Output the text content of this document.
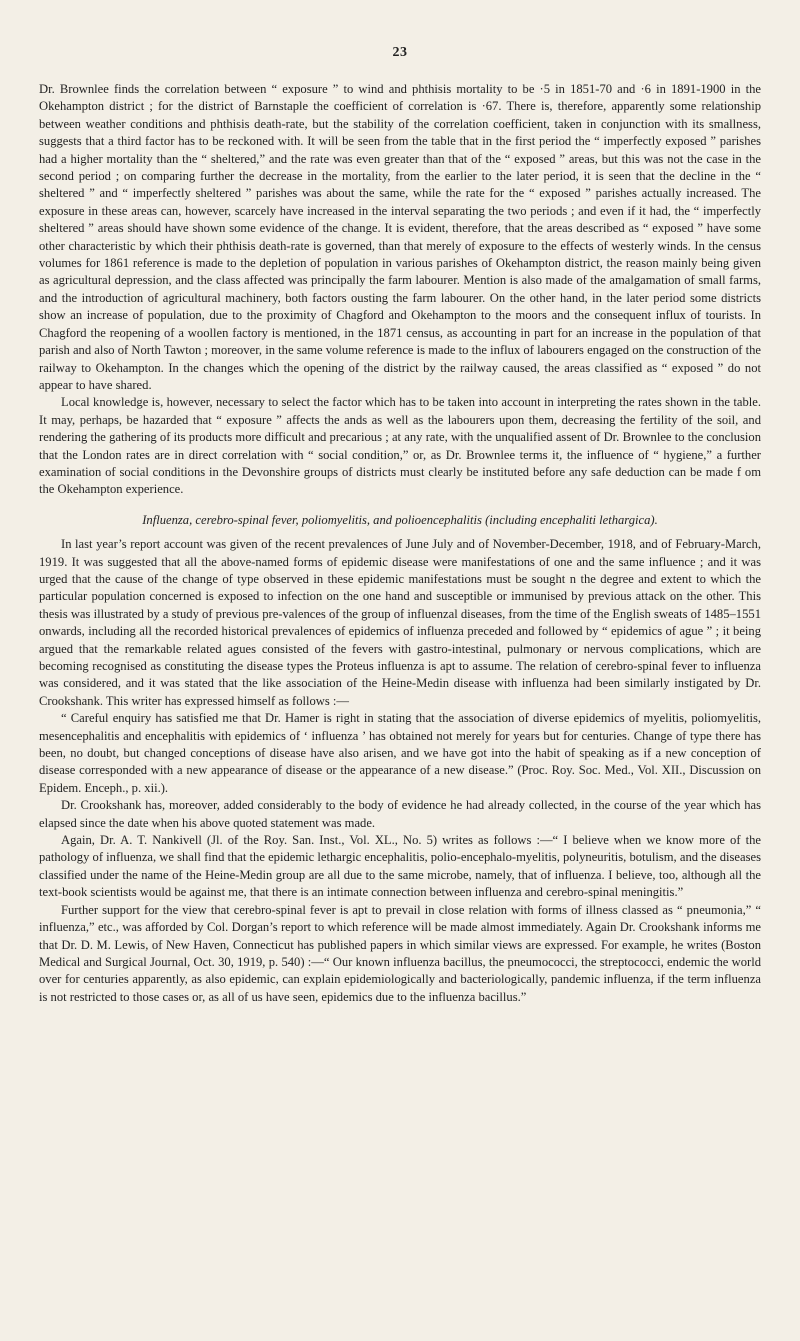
23

Dr. Brownlee finds the correlation between “ exposure ” to wind and phthisis mortality to be ·5 in 1851-70 and ·6 in 1891-1900 in the Okehampton district ; for the district of Barnstaple the coefficient of correlation is ·67. There is, therefore, apparently some relationship between weather conditions and phthisis death-rate, but the stability of the correlation coefficient, taken in conjunction with its smallness, suggests that a third factor has to be reckoned with. It will be seen from the table that in the first period the “ imperfectly exposed ” parishes had a higher mortality than the “ sheltered,” and the rate was even greater than that of the “ exposed ” areas, but this was not the case in the second period ; on comparing further the decrease in the mortality, from the earlier to the later period, it is seen that the decline in the “ sheltered ” and “ imperfectly sheltered ” parishes was about the same, while the rate for the “ exposed ” parishes actually increased. The exposure in these areas can, however, scarcely have increased in the interval separating the two periods ; and even if it had, the “ imperfectly sheltered ” areas should have shown some evidence of the change. It is evident, therefore, that the areas described as “ exposed ” have some other characteristic by which their phthisis death-rate is governed, than that merely of exposure to the effects of westerly winds. In the census volumes for 1861 reference is made to the depletion of population in various parishes of Okehampton district, the reason mainly being given as agricultural depression, and the class affected was principally the farm labourer. Mention is also made of the amalgamation of small farms, and the introduction of agricultural machinery, both factors ousting the farm labourer. On the other hand, in the later period some districts show an increase of population, due to the proximity of Chagford and Okehampton to the moors and the consequent influx of tourists. In Chagford the reopening of a woollen factory is mentioned, in the 1871 census, as accounting in part for an increase in the population of that parish and also of North Tawton ; moreover, in the same volume reference is made to the influx of labourers engaged on the construction of the railway to Okehampton. In the changes which the opening of the district by the railway caused, the areas classified as “ exposed ” do not appear to have shared.

Local knowledge is, however, necessary to select the factor which has to be taken into account in interpreting the rates shown in the table. It may, perhaps, be hazarded that “ exposure ” affects the ands as well as the labourers upon them, decreasing the fertility of the soil, and rendering the gathering of its products more difficult and precarious ; at any rate, with the unqualified assent of Dr. Brownlee to the conclusion that the London rates are in direct correlation with “ social condition,” or, as Dr. Brownlee terms it, the influence of “ hygiene,” a further examination of social conditions in the Devonshire groups of districts must clearly be instituted before any safe deduction can be made f om the Okehampton experience.

Influenza, cerebro-spinal fever, poliomyelitis, and polioencephalitis (including encephaliti lethargica).

In last year’s report account was given of the recent prevalences of June July and of November-December, 1918, and of February-March, 1919. It was suggested that all the above-named forms of epidemic disease were manifestations of one and the same influence ; and it was urged that the cause of the change of type observed in these epidemic manifestations must be sought n the degree and extent to which the particular population concerned is exposed to infection on the one hand and susceptible or immunised by previous attack on the other. This thesis was illustrated by a study of previous pre-valences of the group of influenzal diseases, from the time of the English sweats of 1485–1551 onwards, including all the recorded historical prevalences of epidemics of influenza preceded and followed by “ epidemics of ague ” ; it being argued that the remarkable related agues consisted of the fevers with gastro-intestinal, pulmonary or nervous complications, which are becoming recognised as constituting the disease types the Proteus influenza is apt to assume. The relation of cerebro-spinal fever to influenza was considered, and it was stated that the like association of the Heine-Medin disease with influenza had been similarly instigated by Dr. Crookshank. This writer has expressed himself as follows :—

“ Careful enquiry has satisfied me that Dr. Hamer is right in stating that the association of diverse epidemics of myelitis, poliomyelitis, mesencephalitis and encephalitis with epidemics of ‘ influenza ’ has obtained not merely for years but for centuries. Change of type there has been, no doubt, but changed conceptions of disease have also arisen, and we have got into the habit of speaking as if a new conception of disease corresponded with a new appearance of disease or the appearance of a new disease.” (Proc. Roy. Soc. Med., Vol. XII., Discussion on Epidem. Enceph., p. xii.).

Dr. Crookshank has, moreover, added considerably to the body of evidence he had already collected, in the course of the year which has elapsed since the date when his above quoted statement was made.

Again, Dr. A. T. Nankivell (Jl. of the Roy. San. Inst., Vol. XL., No. 5) writes as follows :—“ I believe when we know more of the pathology of influenza, we shall find that the epidemic lethargic encephalitis, polio-encephalo-myelitis, polyneuritis, botulism, and the diseases classified under the name of the Heine-Medin group are all due to the same microbe, namely, that of influenza. I believe, too, although all the text-book scientists would be against me, that there is an intimate connection between influenza and cerebro-spinal meningitis.”

Further support for the view that cerebro-spinal fever is apt to prevail in close relation with forms of illness classed as “ pneumonia,” “ influenza,” etc., was afforded by Col. Dorgan’s report to which reference will be made almost immediately. Again Dr. Crookshank informs me that Dr. D. M. Lewis, of New Haven, Connecticut has published papers in which similar views are expressed. For example, he writes (Boston Medical and Surgical Journal, Oct. 30, 1919, p. 540) :—“ Our known influenza bacillus, the pneumococci, the streptococci, endemic the world over for centuries apparently, as also epidemic, can explain epidemiologically and bacteriologically, pandemic influenza, if the term influenza is not restricted to those cases or, as all of us have seen, epidemics due to the influenza bacillus.”
